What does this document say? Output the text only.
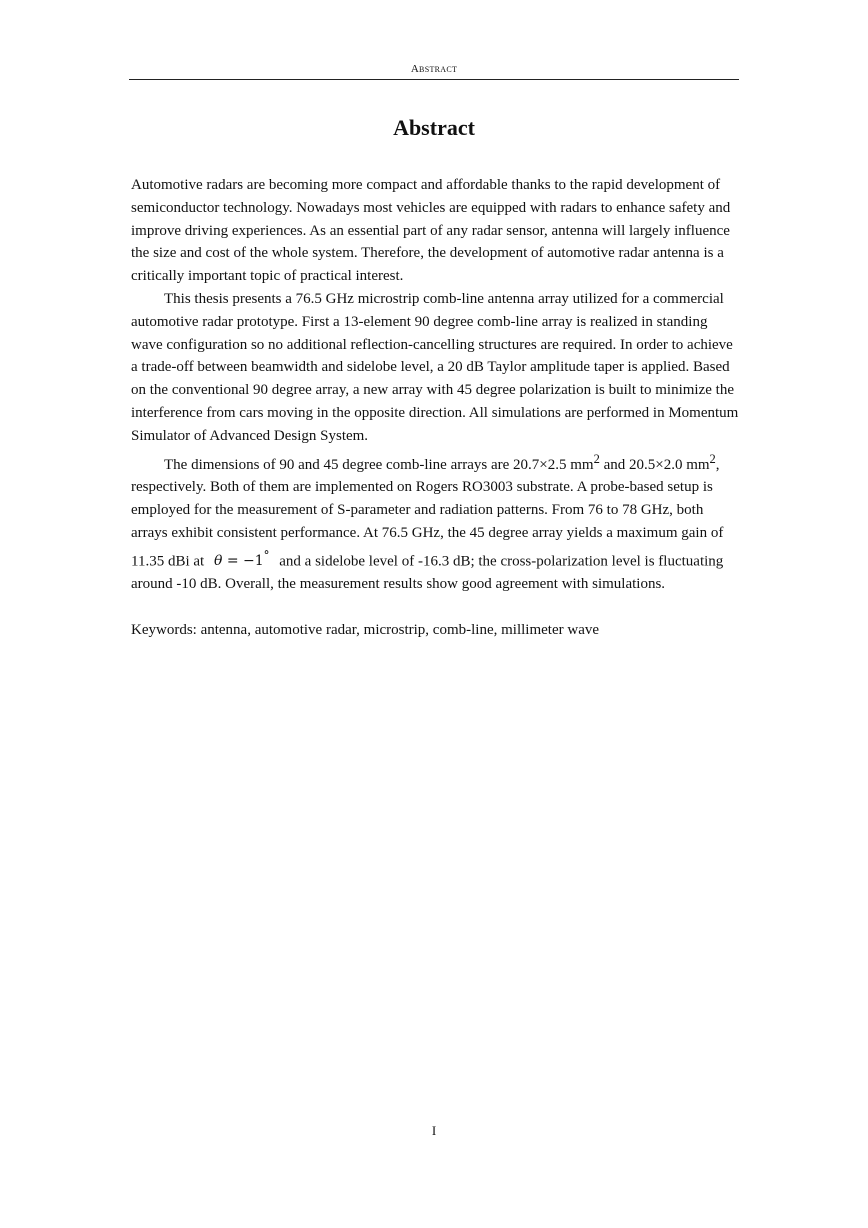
Abstract
Abstract

Automotive radars are becoming more compact and affordable thanks to the rapid development of semiconductor technology. Nowadays most vehicles are equipped with radars to enhance safety and improve driving experiences. As an essential part of any radar sensor, antenna will largely influence the size and cost of the whole system. Therefore, the development of automotive radar antenna is a critically important topic of practical interest.

This thesis presents a 76.5 GHz microstrip comb-line antenna array utilized for a commercial automotive radar prototype. First a 13-element 90 degree comb-line array is realized in standing wave configuration so no additional reflection-cancelling structures are required. In order to achieve a trade-off between beamwidth and sidelobe level, a 20 dB Taylor amplitude taper is applied. Based on the conventional 90 degree array, a new array with 45 degree polarization is built to minimize the interference from cars moving in the opposite direction. All simulations are performed in Momentum Simulator of Advanced Design System.

The dimensions of 90 and 45 degree comb-line arrays are 20.7×2.5 $mm^2$ and 20.5×2.0 $mm^2$, respectively. Both of them are implemented on Rogers RO3003 substrate. A probe-based setup is employed for the measurement of S-parameter and radiation patterns. From 76 to 78 GHz, both arrays exhibit consistent performance. At 76.5 GHz, the 45 degree array yields a maximum gain of 11.35 dBi at θ = −1° and a sidelobe level of -16.3 dB; the cross-polarization level is fluctuating around -10 dB. Overall, the measurement results show good agreement with simulations.

Keywords: antenna, automotive radar, microstrip, comb-line, millimeter wave

I
